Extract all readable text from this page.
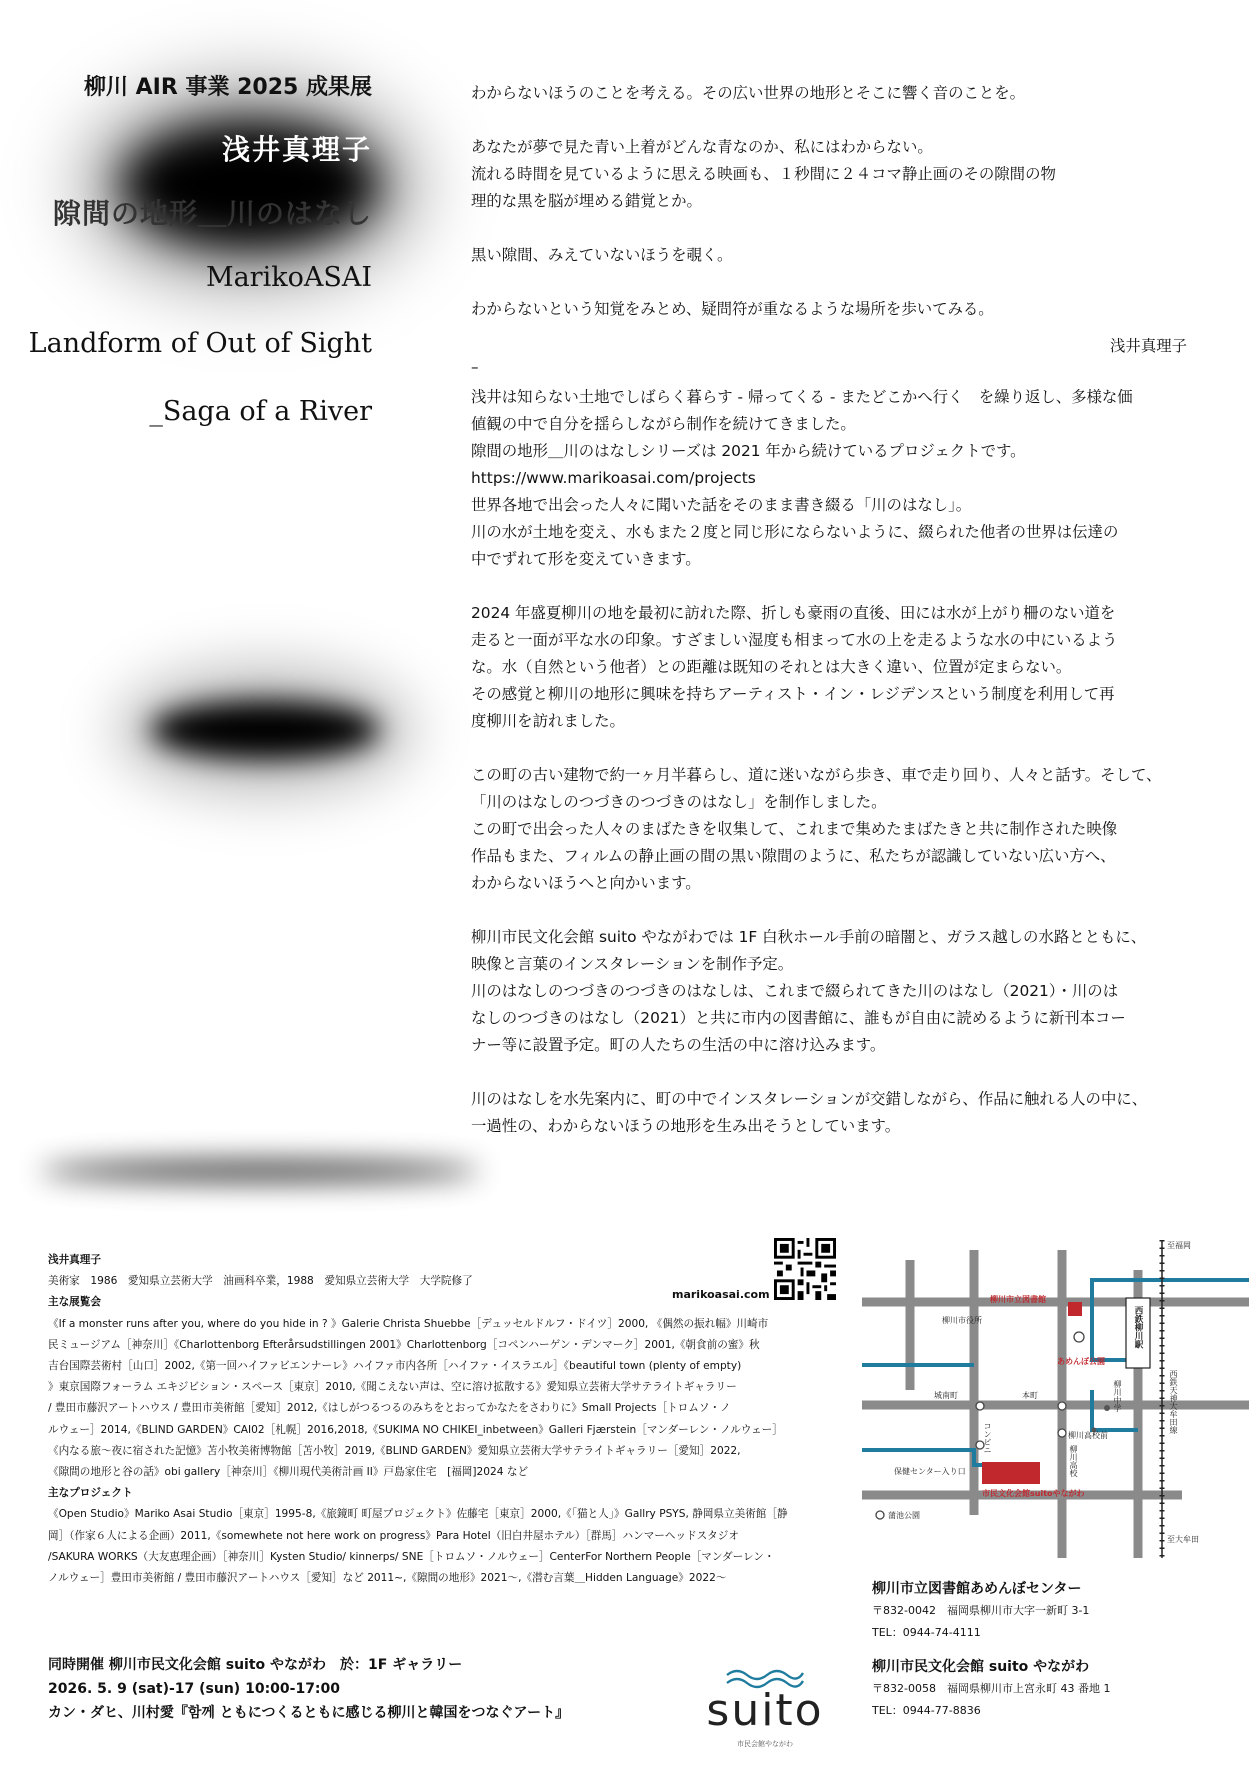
柳川 AIR 事業 2025 成果展
浅井真理子
隙間の地形＿川のはなし
MarikoASAI
Landform of Out of Sight
_Saga of a River
わからないほうのことを考える。その広い世界の地形とそこに響く音のことを。
あなたが夢で見た青い上着がどんな青なのか、私にはわからない。
流れる時間を見ているように思える映画も、１秒間に２４コマ静止画のその隙間の物
理的な黒を脳が埋める錯覚とか。
黒い隙間、みえていないほうを覗く。
わからないという知覚をみとめ、疑問符が重なるような場所を歩いてみる。
浅井真理子
–
浅井は知らない土地でしばらく暮らす - 帰ってくる - またどこかへ行く　を繰り返し、多様な価
値観の中で自分を揺らしながら制作を続けてきました。
隙間の地形＿川のはなしシリーズは 2021 年から続けているプロジェクトです。
https://www.marikoasai.com/projects
世界各地で出会った人々に聞いた話をそのまま書き綴る「川のはなし」。
川の水が土地を変え、水もまた２度と同じ形にならないように、綴られた他者の世界は伝達の
中でずれて形を変えていきます。
2024 年盛夏柳川の地を最初に訪れた際、折しも豪雨の直後、田には水が上がり柵のない道を
走ると一面が平な水の印象。すざましい湿度も相まって水の上を走るような水の中にいるよう
な。水（自然という他者）との距離は既知のそれとは大きく違い、位置が定まらない。
その感覚と柳川の地形に興味を持ちアーティスト・イン・レジデンスという制度を利用して再
度柳川を訪れました。
この町の古い建物で約一ヶ月半暮らし、道に迷いながら歩き、車で走り回り、人々と話す。そして、
「川のはなしのつづきのつづきのはなし」を制作しました。
この町で出会った人々のまばたきを収集して、これまで集めたまばたきと共に制作された映像
作品もまた、フィルムの静止画の間の黒い隙間のように、私たちが認識していない広い方へ、
わからないほうへと向かいます。
柳川市民文化会館 suito やながわでは 1F 白秋ホール手前の暗闇と、ガラス越しの水路とともに、
映像と言葉のインスタレーションを制作予定。
川のはなしのつづきのつづきのはなしは、これまで綴られてきた川のはなし（2021）・川のは
なしのつづきのはなし（2021）と共に市内の図書館に、誰もが自由に読めるように新刊本コー
ナー等に設置予定。町の人たちの生活の中に溶け込みます。
川のはなしを水先案内に、町の中でインスタレーションが交錯しながら、作品に触れる人の中に、
一過性の、わからないほうの地形を生み出そうとしています。
浅井真理子
美術家　1986　愛知県立芸術大学　油画科卒業，1988　愛知県立芸術大学　大学院修了
主な展覧会
《If a monster runs after you, where do you hide in ? 》Galerie Christa Shuebbe［デュッセルドルフ・ドイツ］2000, 《偶然の振れ幅》川崎市
民ミュージアム［神奈川］《Charlottenborg Efterårsudstillingen 2001》Charlottenborg［コペンハーゲン・デンマーク］2001,《朝食前の蜜》秋
吉台国際芸術村［山口］2002,《第一回ハイファビエンナーレ》ハイファ市内各所［ハイファ・イスラエル］《beautiful town (plenty of empty)
》東京国際フォーラム エキジビション・スペース［東京］2010,《聞こえない声は、空に溶け拡散する》愛知県立芸術大学サテライトギャラリー
/ 豊田市藤沢アートハウス / 豊田市美術館［愛知］2012,《はしがつるつるのみちをとおってかなたをさわりに》Small Projects［トロムソ・ノ
ルウェー］2014,《BLIND GARDEN》CAI02［札幌］2016,2018,《SUKIMA NO CHIKEI_inbetween》Galleri Fjærstein［マンダーレン・ノルウェー］
《内なる旅～夜に宿された記憶》苫小牧美術博物館［苫小牧］2019,《BLIND GARDEN》愛知県立芸術大学サテライトギャラリー［愛知］2022,
《隙間の地形と谷の話》obi gallery［神奈川］《柳川現代美術計画 II》戸島家住宅　[福岡]2024 など
主なプロジェクト
《Open Studio》Mariko Asai Studio［東京］1995-8,《旅鏡町 町屋プロジェクト》佐藤宅［東京］2000,《「猫と人」》Gallry PSYS, 静岡県立美術館［静
岡］（作家６人による企画）2011,《somewhete not here work on progress》Para Hotel（旧白井屋ホテル）［群馬］ハンマーヘッドスタジオ
/SAKURA WORKS（大友恵理企画）［神奈川］Kysten Studio/ kinnerps/ SNE［トロムソ・ノルウェー］CenterFor Northern People［マンダーレン・
ノルウェー］豊田市美術館 / 豊田市藤沢アートハウス［愛知］など 2011~,《隙間の地形》2021～,《潜む言葉＿Hidden Language》2022～
marikoasai.com
同時開催 柳川市民文化会館 suito やながわ　於：1F ギャラリー
2026. 5. 9 (sat)-17 (sun) 10:00-17:00
カン・ダヒ、川村愛『함께 ともにつくるともに感じる柳川と韓国をつなぐアート』	suito
市民会館やながわ
柳川市立図書館
柳川市役所
あめんぼ公園
城南町	本町
コンビニ	柳川高校前
柳川高校
柳川中学
保健センター入り口
市民文化会館suitoやながわ
蒲池公園
西鉄柳川駅
西鉄天神大牟田線
至福岡
至大牟田
柳川市立図書館あめんぼセンター
〒832-0042　福岡県柳川市大字一新町 3-1
TEL：0944-74-4111
柳川市民文化会館 suito やながわ
〒832-0058　福岡県柳川市上宮永町 43 番地 1
TEL：0944-77-8836
